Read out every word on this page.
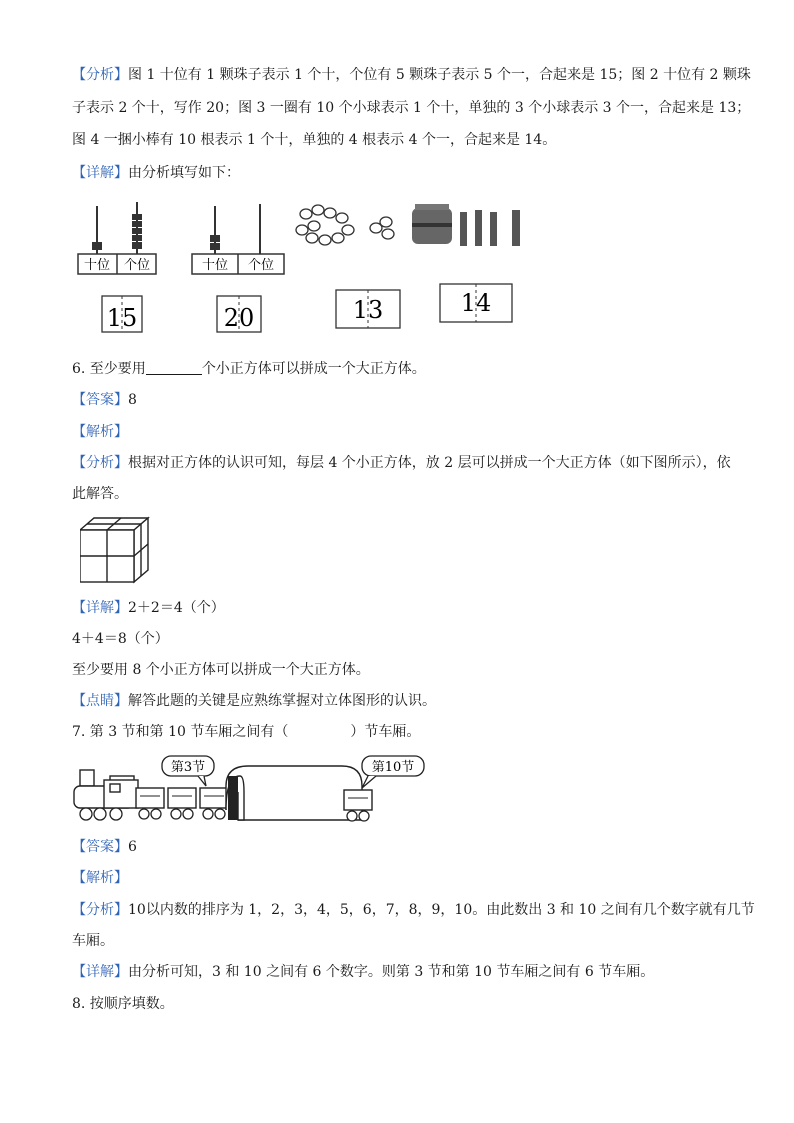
【分析】图 1 十位有 1 颗珠子表示 1 个十，个位有 5 颗珠子表示 5 个一，合起来是 15；图 2 十位有 2 颗珠
子表示 2 个十，写作 20；图 3 一圈有 10 个小球表示 1 个十，单独的 3 个小球表示 3 个一，合起来是 13；
图 4 一捆小棒有 10 根表示 1 个十，单独的 4 根表示 4 个一，合起来是 14。
【详解】由分析填写如下：
十位 个位	十位 个位
15	20	13	14
6. 至少要用	个小正方体可以拼成一个大正方体。
【答案】8
【解析】
【分析】根据对正方体的认识可知，每层 4 个小正方体，放 2 层可以拼成一个大正方体（如下图所示），依
此解答。
【详解】2＋2＝4（个）
4＋4＝8（个）
至少要用 8 个小正方体可以拼成一个大正方体。
【点睛】解答此题的关键是应熟练掌握对立体图形的认识。
7. 第 3 节和第 10 节车厢之间有（	）节车厢。
第3节	第10节
【答案】6
【解析】
【分析】10以内数的排序为 1，2，3，4，5，6，7，8，9，10。由此数出 3 和 10 之间有几个数字就有几节
车厢。
【详解】由分析可知，3 和 10 之间有 6 个数字。则第 3 节和第 10 节车厢之间有 6 节车厢。
8. 按顺序填数。
